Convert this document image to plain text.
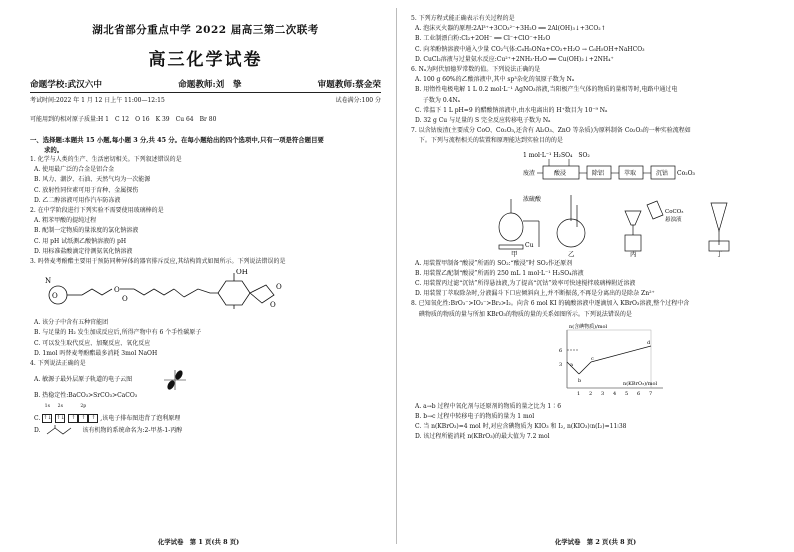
湖北省部分重点中学 2022 届高三第二次联考
高三化学试卷
命题学校:武汉六中	命题教师:刘　挚	审题教师:蔡金荣
考试时间:2022 年 1 月 12 日上午 11:00—12:15	试卷满分:100 分
可能用到的相对原子质量:H 1　C 12　O 16　K 39　Cu 64　Br 80
一、选择题:本题共 15 小题,每小题 3 分,共 45 分。在每小题给出的四个选项中,只有一项是符合题目要
求的。
1. 化学与人类的生产、生活密切相关。下列叙述错误的是
A. 使用最广泛的合金是铝合金
B. 风力、潮汐、石油、天然气均为一次能源
C. 放射性同位素可用于育种、金属探伤
D. 乙二醇溶液可用作汽车防冻液
2. 在中学阶段进行下列实验不需要使用玻璃棒的是
A. 粗苯甲酸的提纯过程
B. 配制一定物质的量浓度的氯化钠溶液
C. 用 pH 试纸测乙酸钠溶液的 pH
D. 用标准盐酸滴定待测氨氧化钠溶液
3. 吗替麦考酚酯主要用于预防同种异体的器官排斥反应,其结构简式如图所示。下列说法错误的是
O
N
O
O
OH
O
O
A. 该分子中含有五种官能团
B. 与足量的 H₂ 发生加成反应后,所得产物中有 6 个手性碳原子
C. 可以发生取代反应、加聚反应、氧化反应
D. 1mol 吗替麦考酚酯最多消耗 3mol NaOH
4. 下列说法正确的是
A. 敏源子最外层原子轨道的电子云图
B. 热稳定性:BaCO₃>SrCO₃>CaCO₃
C.
1s
↑↓
2s
↑↓
2p
↑ ↑ ↑ ,该电子排布图违背了泡利原理
D.	该有机物的系统命名为:2-甲基-1-丙醇
化学试卷　第 1 页(共 8 页)
5. 下列方程式能正确表示有关过程的是
A. 泡沫灭火器的原理:2Al³⁺+3CO₃²⁻+3H₂O ══ 2Al(OH)₃↓+3CO₂↑
B. 工业制漂白粉:Cl₂+2OH⁻ ══ Cl⁻+ClO⁻+H₂O
C. 向苯酚钠溶液中通入少量 CO₂气体:C₆H₅ONa+CO₂+H₂O → C₆H₅OH+NaHCO₃
D. CuCl₂溶液与过量氨水反应:Cu²⁺+2NH₃·H₂O ══ Cu(OH)₂↓+2NH₄⁺
6. Nₐ为阿伏加德罗常数的值。下列说法正确的是
A. 100 g 60%的乙酸溶液中,其中 sp³杂化的氧原子数为 Nₐ
B. 用惰性电极电解 1 L 0.2 mol·L⁻¹ AgNO₃溶液,当阳极产生气体的物质的量相等时,电路中通过电
　 子数为 0.4Nₐ
C. 常温下 1 L pH=9 的醋酸钠溶液中,由水电离出的 H⁺数目为 10⁻⁹ Nₐ
D. 32 g Cu 与足量的 S 完全反应转移电子数为 Nₐ
7. 以含钴废渣(主要成分 CoO、Co₂O₃,还含有 Al₂O₃、ZnO 等杂质)为原料制备 Co₂O₃的一种实验流程如
　 下。下列与流程相关的装置和原理能达到实验目的的是
1 mol·L⁻¹ H₂SO₄　SO₂
废渣	酸浸	除铝	萃取	沉钴 Co₂O₃
浓硫酸
Cu
CoCO₃
悬浊液
甲	乙	丙	丁
A. 用装置甲制备“酸浸”所需的 SO₂:“酸浸”时 SO₂作还原剂
B. 用装置乙配制“酸浸”所需的 250 mL 1 mol·L⁻¹ H₂SO₄溶液
C. 用装置丙过滤“沉钴”所得悬浊液,为了提高“沉钴”效率可快速搅拌玻璃棒附近溶液
D. 用装置丁萃取除杂时,分液漏斗下口应倾斜向上,并不断振荡,不再是分离出的是除杂 Zn²⁺
8. 已知氧化性:BrO₃⁻>IO₃⁻>Br₂>I₂。向含 6 mol KI 的硫酸溶液中逐滴加入 KBrO₃溶液,整个过程中含
　 碘物质的物质的量与所加 KBrO₃的物质的量的关系如图所示。下列说法错误的是
n(含碘物质)/mol
6
3 a
b
c
d
1 2 3 4 5 6 7
n(KBrO₃)/mol
A. a→b 过程中氧化剂与还原剂的物质的量之比为 1∶6
B. b→c 过程中转移电子的物质的量为 1 mol
C. 当 n(KBrO₃)=4 mol 时,对应含碘物质为 KIO₃ 和 I₂, n(KIO₃)∶n(I₂)=11∶38
D. 该过程所能消耗 n(KBrO₃)的最大值为 7.2 mol
化学试卷　第 2 页(共 8 页)
